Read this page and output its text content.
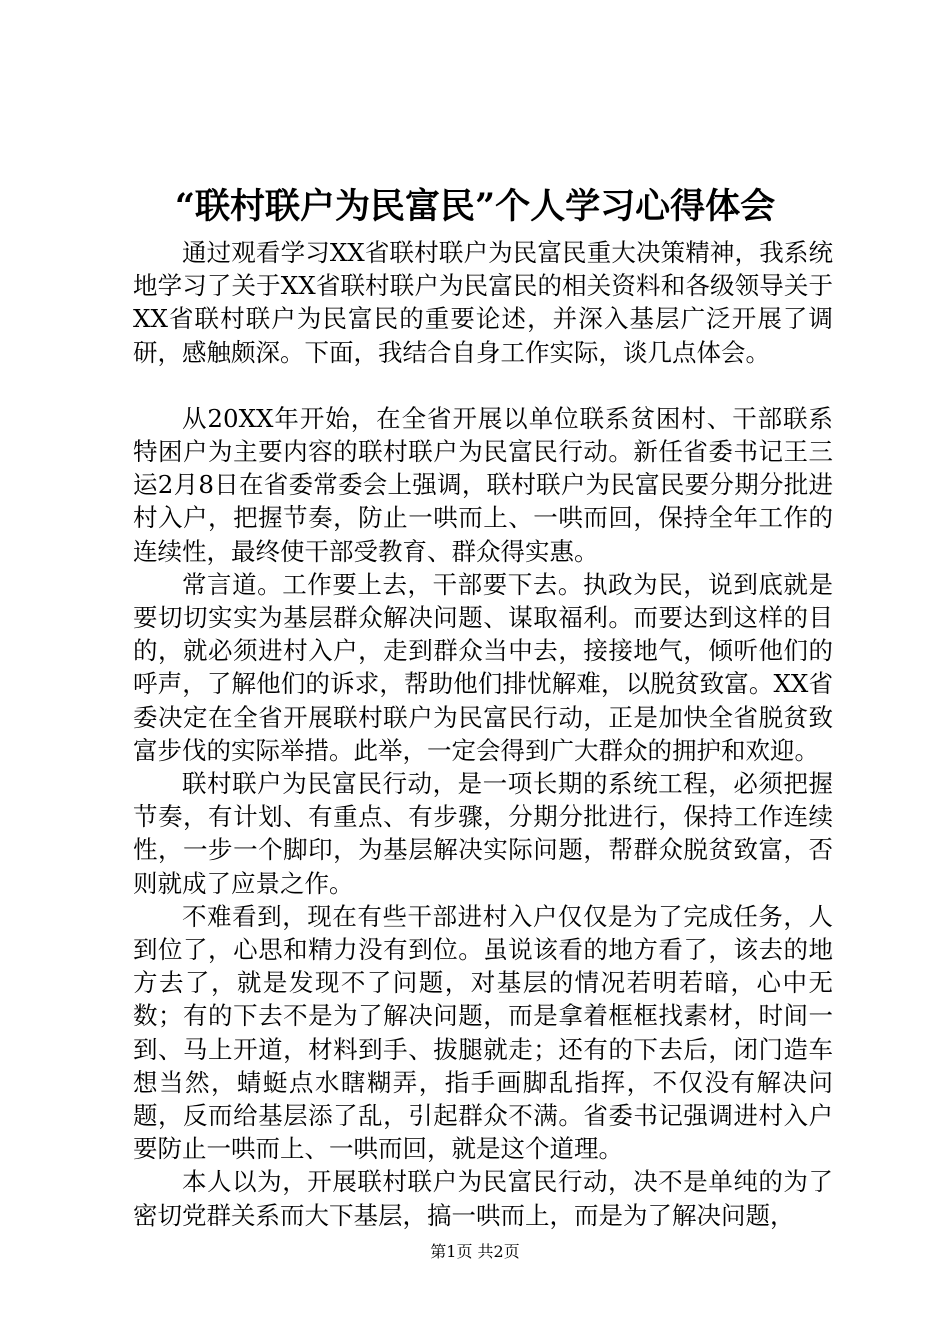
“联村联户为民富民”个人学习心得体会

通过观看学习XX省联村联户为民富民重大决策精神，我系统地学习了关于XX省联村联户为民富民的相关资料和各级领导关于XX省联村联户为民富民的重要论述，并深入基层广泛开展了调研，感触颇深。下面，我结合自身工作实际，谈几点体会。

从20XX年开始，在全省开展以单位联系贫困村、干部联系特困户为主要内容的联村联户为民富民行动。新任省委书记王三运2月8日在省委常委会上强调，联村联户为民富民要分期分批进村入户，把握节奏，防止一哄而上、一哄而回，保持全年工作的连续性，最终使干部受教育、群众得实惠。

常言道。工作要上去，干部要下去。执政为民，说到底就是要切切实实为基层群众解决问题、谋取福利。而要达到这样的目的，就必须进村入户，走到群众当中去，接接地气，倾听他们的呼声，了解他们的诉求，帮助他们排忧解难，以脱贫致富。XX省委决定在全省开展联村联户为民富民行动，正是加快全省脱贫致富步伐的实际举措。此举，一定会得到广大群众的拥护和欢迎。

联村联户为民富民行动，是一项长期的系统工程，必须把握节奏，有计划、有重点、有步骤，分期分批进行，保持工作连续性，一步一个脚印，为基层解决实际问题，帮群众脱贫致富，否则就成了应景之作。

不难看到，现在有些干部进村入户仅仅是为了完成任务，人到位了，心思和精力没有到位。虽说该看的地方看了，该去的地方去了，就是发现不了问题，对基层的情况若明若暗，心中无数；有的下去不是为了解决问题，而是拿着框框找素材，时间一到、马上开道，材料到手、拔腿就走；还有的下去后，闭门造车想当然，蜻蜓点水瞎糊弄，指手画脚乱指挥，不仅没有解决问题，反而给基层添了乱，引起群众不满。省委书记强调进村入户要防止一哄而上、一哄而回，就是这个道理。

本人以为，开展联村联户为民富民行动，决不是单纯的为了密切党群关系而大下基层，搞一哄而上，而是为了解决问题，

第1页 共2页
